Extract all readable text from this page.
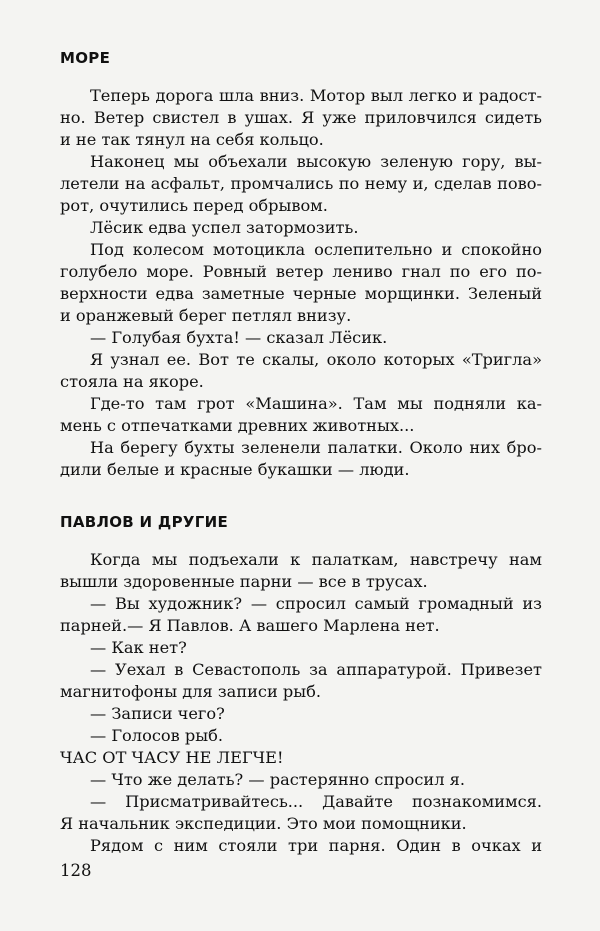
МОРЕ
Теперь дорога шла вниз. Мотор выл легко и радост-
но. Ветер свистел в ушах. Я уже приловчился сидеть
и не так тянул на себя кольцо.
Наконец мы объехали высокую зеленую гору, вы-
летели на асфальт, промчались по нему и, сделав пово-
рот, очутились перед обрывом.
Лёсик едва успел затормозить.
Под колесом мотоцикла ослепительно и спокойно
голубело море. Ровный ветер лениво гнал по его по-
верхности едва заметные черные морщинки. Зеленый
и оранжевый берег петлял внизу.
— Голубая бухта! — сказал Лёсик.
Я узнал ее. Вот те скалы, около которых «Тригла»
стояла на якоре.
Где-то там грот «Машина». Там мы подняли ка-
мень с отпечатками древних животных...
На берегу бухты зеленели палатки. Около них бро-
дили белые и красные букашки — люди.
ПАВЛОВ И ДРУГИЕ
Когда мы подъехали к палаткам, навстречу нам
вышли здоровенные парни — все в трусах.
— Вы художник? — спросил самый громадный из
парней.— Я Павлов. А вашего Марлена нет.
— Как нет?
— Уехал в Севастополь за аппаратурой. Привезет
магнитофоны для записи рыб.
— Записи чего?
— Голосов рыб.
ЧАС ОТ ЧАСУ НЕ ЛЕГЧЕ!
— Что же делать? — растерянно спросил я.
— Присматривайтесь... Давайте познакомимся.
Я начальник экспедиции. Это мои помощники.
Рядом с ним стояли три парня. Один в очках и
128
